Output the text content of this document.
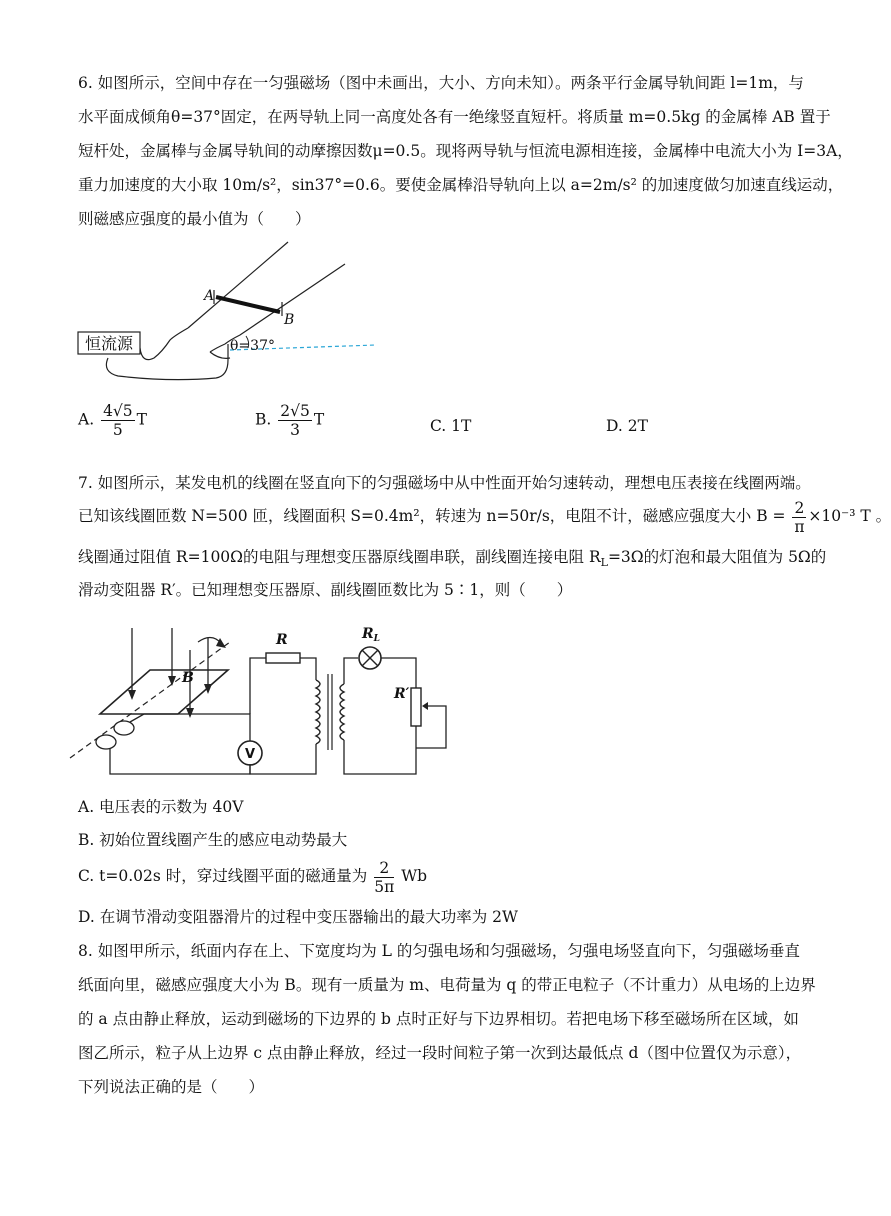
6. 如图所示，空间中存在一匀强磁场（图中未画出，大小、方向未知）。两条平行金属导轨间距 l=1m，与
水平面成倾角θ=37°固定，在两导轨上同一高度处各有一绝缘竖直短杆。将质量 m=0.5kg 的金属棒 AB 置于
短杆处，金属棒与金属导轨间的动摩擦因数μ=0.5。现将两导轨与恒流电源相连接，金属棒中电流大小为 I=3A，
重力加速度的大小取 10m/s²，sin37°=0.6。要使金属棒沿导轨向上以 a=2m/s² 的加速度做匀加速直线运动，
则磁感应强度的最小值为（　　）
恒流源
A
B
θ=37°
A. $\frac{4√5}{5}$ T	B. $\frac{2√5}{3}$ T	C. 1T	D. 2T
7. 如图所示，某发电机的线圈在竖直向下的匀强磁场中从中性面开始匀速转动，理想电压表接在线圈两端。
已知该线圈匝数 N=500 匝，线圈面积 S=0.4m²，转速为 n=50r/s，电阻不计，磁感应强度大小 $B = \frac{2}{\pi} \times 10^{-3}$ T 。
线圈通过阻值 R=100Ω的电阻与理想变压器原线圈串联，副线圈连接电阻 $R_L=3\Omega$的灯泡和最大阻值为 5Ω的
滑动变阻器 R′。已知理想变压器原、副线圈匝数比为 5∶1，则（　　）
V
B
R	$R_L$
R′
A. 电压表的示数为 40V
B. 初始位置线圈产生的感应电动势最大
C. t=0.02s 时，穿过线圈平面的磁通量为 $\frac{2}{5\pi}$ Wb
D. 在调节滑动变阻器滑片的过程中变压器输出的最大功率为 2W
8. 如图甲所示，纸面内存在上、下宽度均为 L 的匀强电场和匀强磁场，匀强电场竖直向下，匀强磁场垂直
纸面向里，磁感应强度大小为 B。现有一质量为 m、电荷量为 q 的带正电粒子（不计重力）从电场的上边界
的 a 点由静止释放，运动到磁场的下边界的 b 点时正好与下边界相切。若把电场下移至磁场所在区域，如
图乙所示，粒子从上边界 c 点由静止释放，经过一段时间粒子第一次到达最低点 d（图中位置仅为示意），
下列说法正确的是（　　）
